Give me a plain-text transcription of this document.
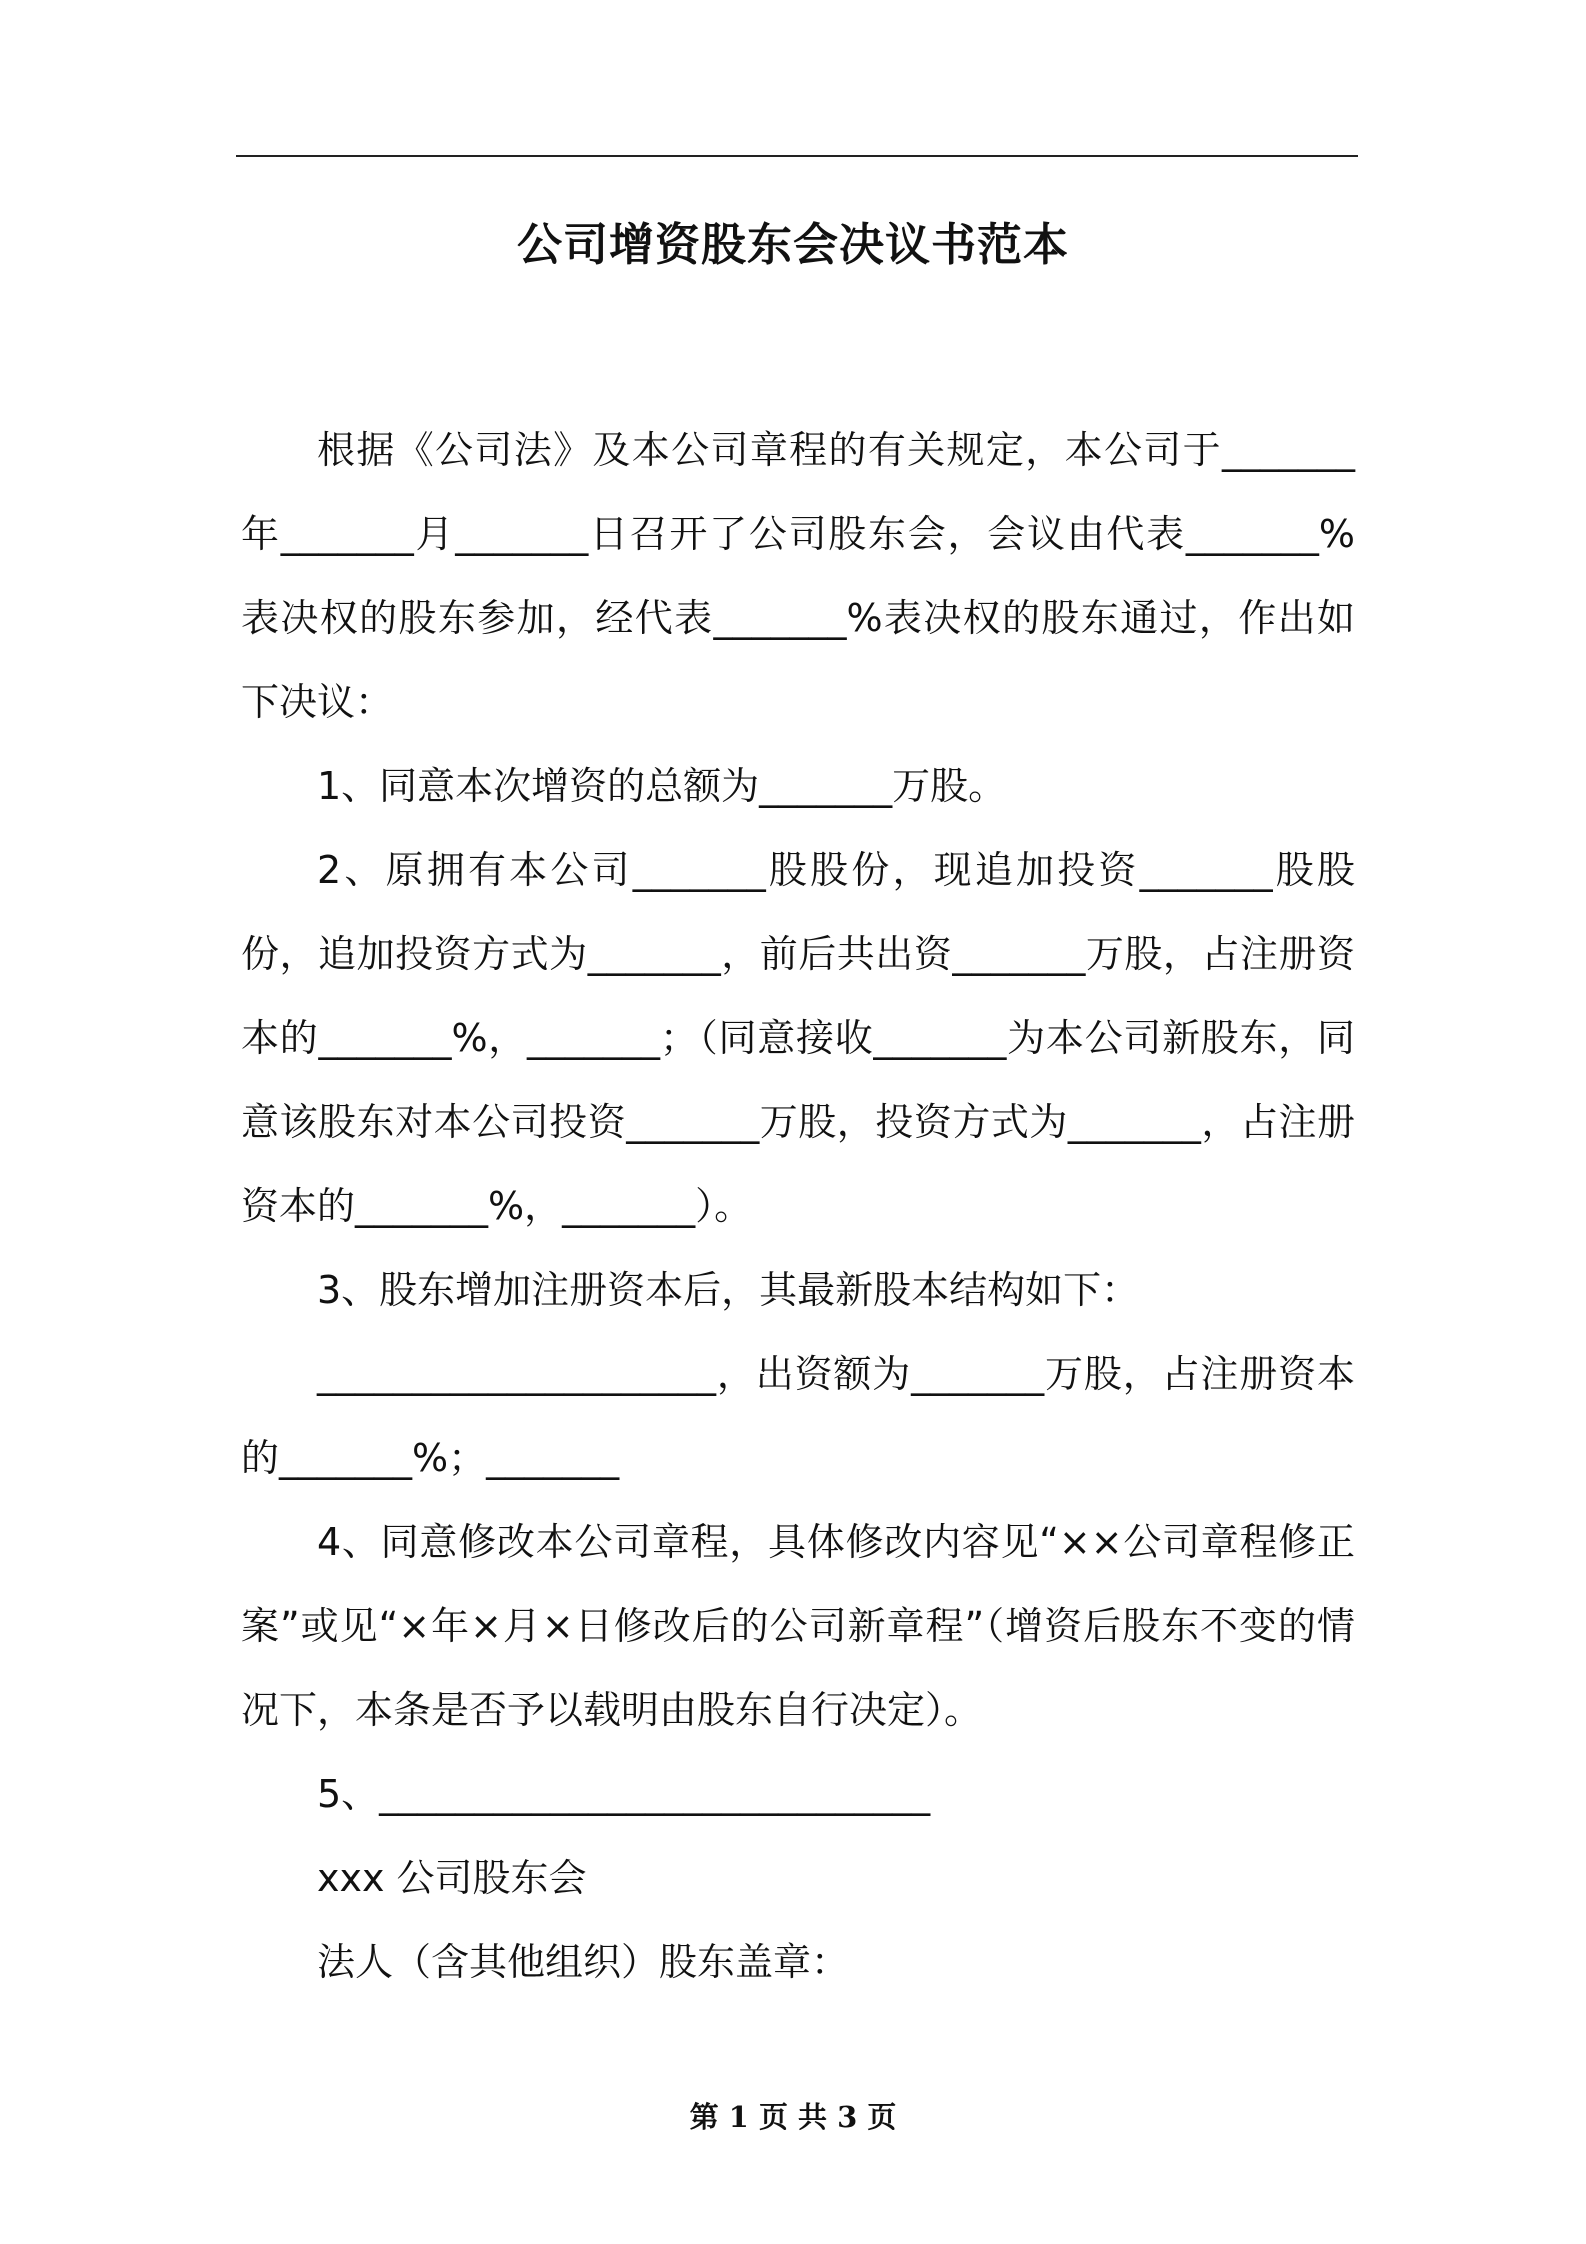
公司增资股东会决议书范本

根据《公司法》及本公司章程的有关规定，本公司于_______年_______月_______日召开了公司股东会，会议由代表_______%表决权的股东参加，经代表_______%表决权的股东通过，作出如下决议：

1、同意本次增资的总额为_______万股。

2、原拥有本公司_______股股份，现追加投资_______股股份，追加投资方式为_______，前后共出资_______万股，占注册资本的_______%，_______；（同意接收_______为本公司新股东，同意该股东对本公司投资_______万股，投资方式为_______，占注册资本的_______%，_______）。

3、股东增加注册资本后，其最新股本结构如下：

_____________________，出资额为_______万股，占注册资本的_______%；_______

4、同意修改本公司章程，具体修改内容见“××公司章程修正案”或见“×年×月×日修改后的公司新章程”（增资后股东不变的情况下，本条是否予以载明由股东自行决定）。

5、_____________________________

xxx 公司股东会

法人（含其他组织）股东盖章：

第 1 页 共 3 页
